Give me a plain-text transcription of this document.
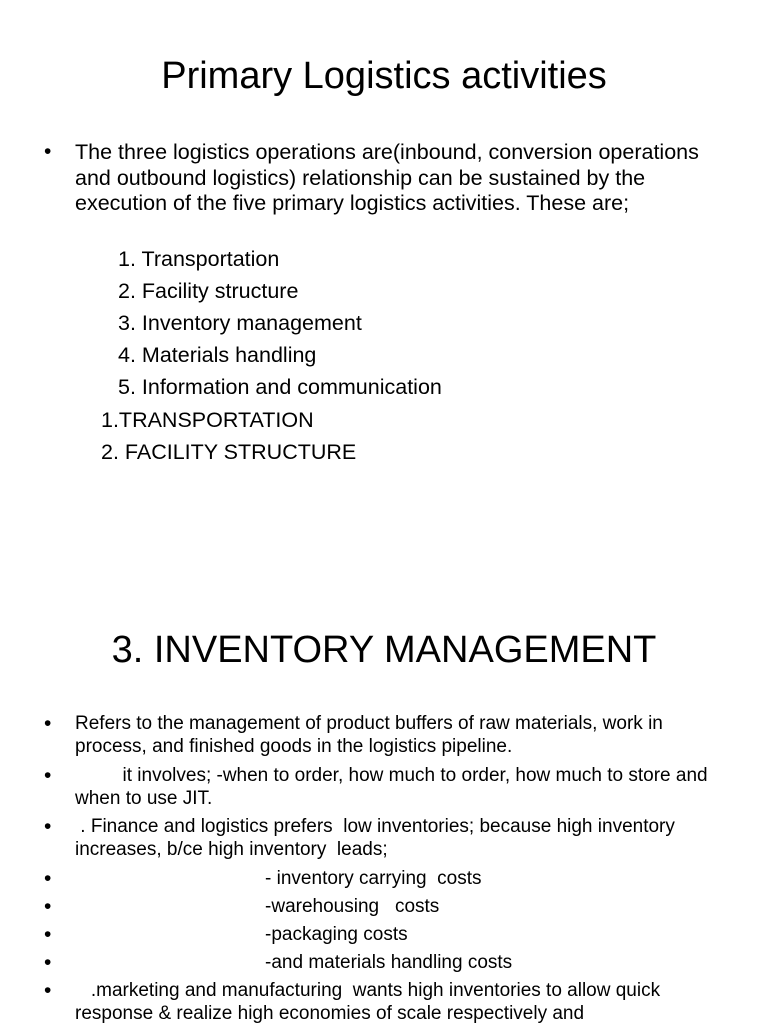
Primary Logistics activities
•	The three logistics operations are(inbound, conversion operations and outbound logistics) relationship can be sustained by the execution of the five primary logistics activities. These are;
1. Transportation
2. Facility structure
3. Inventory management
4. Materials handling
5. Information and communication
1.TRANSPORTATION
2. FACILITY STRUCTURE
3. INVENTORY MANAGEMENT
•	Refers to the management of product buffers of raw materials, work in process, and finished goods in the logistics pipeline.
•	it involves; -when to order, how much to order, how much to store and when to use JIT.
•	. Finance and logistics prefers  low inventories; because high inventory increases, b/ce high inventory  leads;
•	- inventory carrying  costs
•	-warehousing   costs
•	-packaging costs
•	-and materials handling costs
•	.marketing and manufacturing  wants high inventories to allow quick response & realize high economies of scale respectively and
